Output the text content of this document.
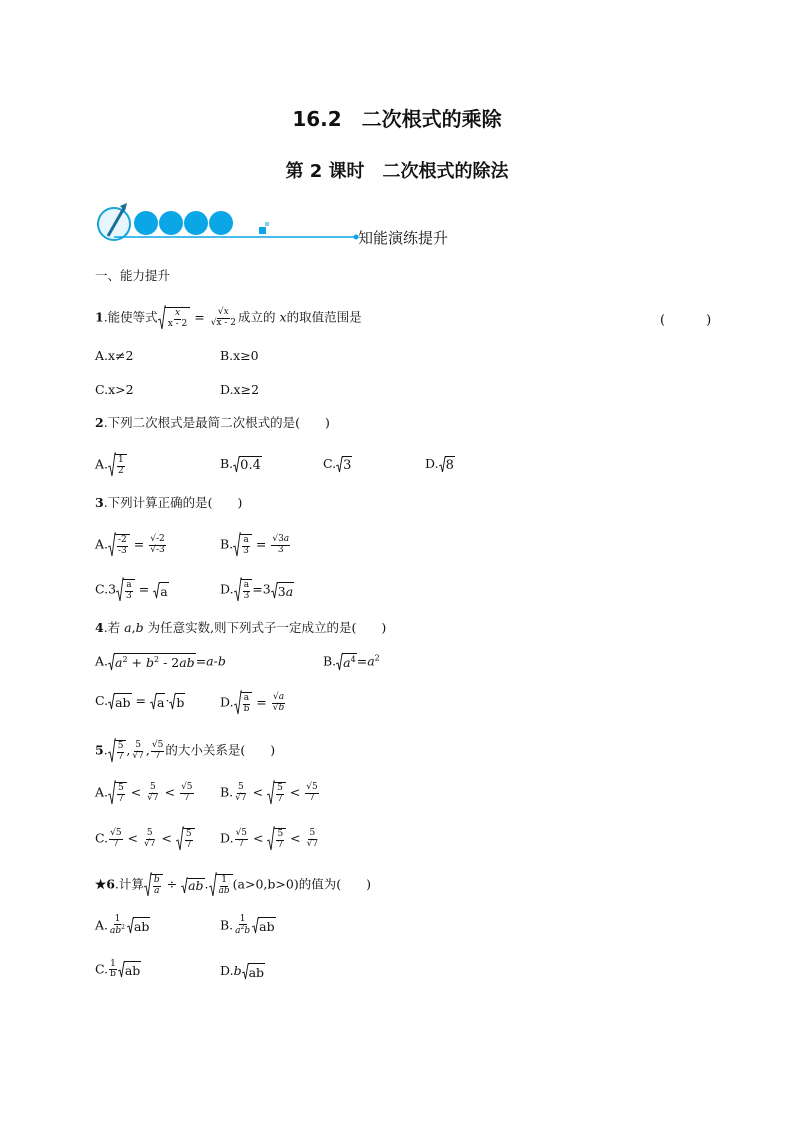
16.2　二次根式的乘除
第 2 课时　二次根式的除法
知能演练提升
一、能力提升
1.能使等式 $\frac{x}{x - 2} = \frac{√x}{√x - 2}$ 成立的 x的取值范围是	(　)
A.x≠2	B.x≥0
C.x>2	D.x≥2
2.下列二次根式是最简二次根式的是(　　)
A. $\frac{1}{2}$	B. 0.4	C. 3	D. 8
3.下列计算正确的是(　　)
A. $\frac{-2}{-3} = \frac{√-2}{√-3}$	B. $\frac{a}{3} = \frac{√3a}{3}$
$C.3 \frac{a}{3} = a$	D. $\frac{a}{3} =3$ 3a
4.若 a,b 为任意实数,则下列式子一定成立的是(　　)
A. $a^2 + b^2 - 2ab =a-b$	B. $a^4 =a^2$
C. ab = a · b	D. $\frac{a}{b} = \frac{√a}{√b}$
5. $\frac{5}{7}$ , $\frac{5}{√7}$ , $\frac{√5}{7}$ 的大小关系是(　　)
A. $\frac{5}{7} < \frac{5}{√7} < \frac{√5}{7} B$. $\frac{5}{√7} < \frac{5}{7} < \frac{√5}{7}$
C. $\frac{√5}{7} < \frac{5}{√7} < \frac{5}{7} D$. $\frac{√5}{7} < \frac{5}{7} < \frac{5}{√7}$
★6.计算 $\frac{b}{a}$ ÷ ab . $\frac{1}{ab} (a>0,b>0)$的值为(　　)
A. $\frac{1}{ab^2}$ ab	B. $\frac{1}{a^2b}$ ab
C. $\frac{1}{b}$ ab	D.b ab
